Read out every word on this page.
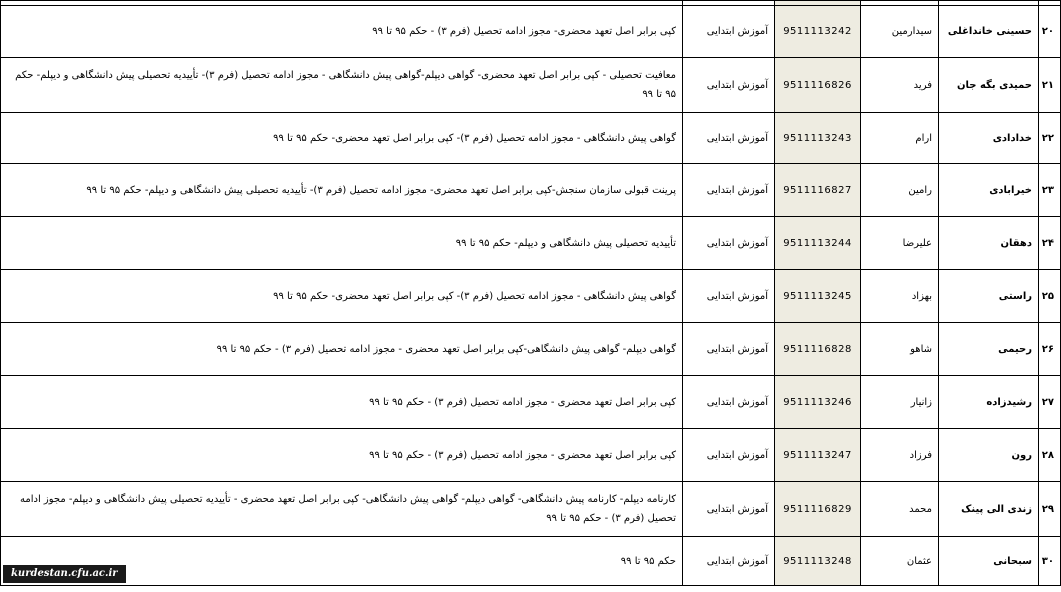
۲۰	حسینی خانداغلی	سیدارمین	9511113242	آموزش ابتدایی	کپی برابر اصل تعهد محضری- مجوز ادامه تحصیل (فرم ۳) - حکم ۹۵ تا ۹۹
۲۱	حمیدی بگه جان	فرید	9511116826	آموزش ابتدایی	معافیت تحصیلی - کپی برابر اصل تعهد محضری- گواهی دیپلم-گواهی پیش دانشگاهی - مجوز ادامه تحصیل (فرم ۳)- تأییدیه تحصیلی پیش دانشگاهی و دیپلم- حکم ۹۵ تا ۹۹
۲۲	خدادادی	ارام	9511113243	آموزش ابتدایی	گواهی پیش دانشگاهی - مجوز ادامه تحصیل (فرم ۳)- کپی برابر اصل تعهد محضری- حکم ۹۵ تا ۹۹
۲۳	خیرابادی	رامین	9511116827	آموزش ابتدایی	پرینت قبولی سازمان سنجش-کپی برابر اصل تعهد محضری- مجوز ادامه تحصیل (فرم ۳)- تأییدیه تحصیلی پیش دانشگاهی و دیپلم- حکم ۹۵ تا ۹۹
۲۴	دهقان	علیرضا	9511113244	آموزش ابتدایی	تأییدیه تحصیلی پیش دانشگاهی و دیپلم- حکم ۹۵ تا ۹۹
۲۵	راستی	بهزاد	9511113245	آموزش ابتدایی	گواهی پیش دانشگاهی - مجوز ادامه تحصیل (فرم ۳)- کپی برابر اصل تعهد محضری- حکم ۹۵ تا ۹۹
۲۶	رحیمی	شاهو	9511116828	آموزش ابتدایی	گواهی دیپلم- گواهی پیش دانشگاهی-کپی برابر اصل تعهد محضری - مجوز ادامه تحصیل (فرم ۳) - حکم ۹۵ تا ۹۹
۲۷	رشیدزاده	زانیار	9511113246	آموزش ابتدایی	کپی برابر اصل تعهد محضری - مجوز ادامه تحصیل (فرم ۳) - حکم ۹۵ تا ۹۹
۲۸	رون	فرزاد	9511113247	آموزش ابتدایی	کپی برابر اصل تعهد محضری - مجوز ادامه تحصیل (فرم ۳) - حکم ۹۵ تا ۹۹
۲۹	زندی الی پینک	محمد	9511116829	آموزش ابتدایی	کارنامه دیپلم- کارنامه پیش دانشگاهی- گواهی دیپلم- گواهی پیش دانشگاهی- کپی برابر اصل تعهد محضری - تأییدیه تحصیلی پیش دانشگاهی و دیپلم- مجوز ادامه تحصیل (فرم ۳) - حکم ۹۵ تا ۹۹
۳۰	سبحانی	عثمان	9511113248	آموزش ابتدایی	حکم ۹۵ تا ۹۹
kurdestan.cfu.ac.ir
